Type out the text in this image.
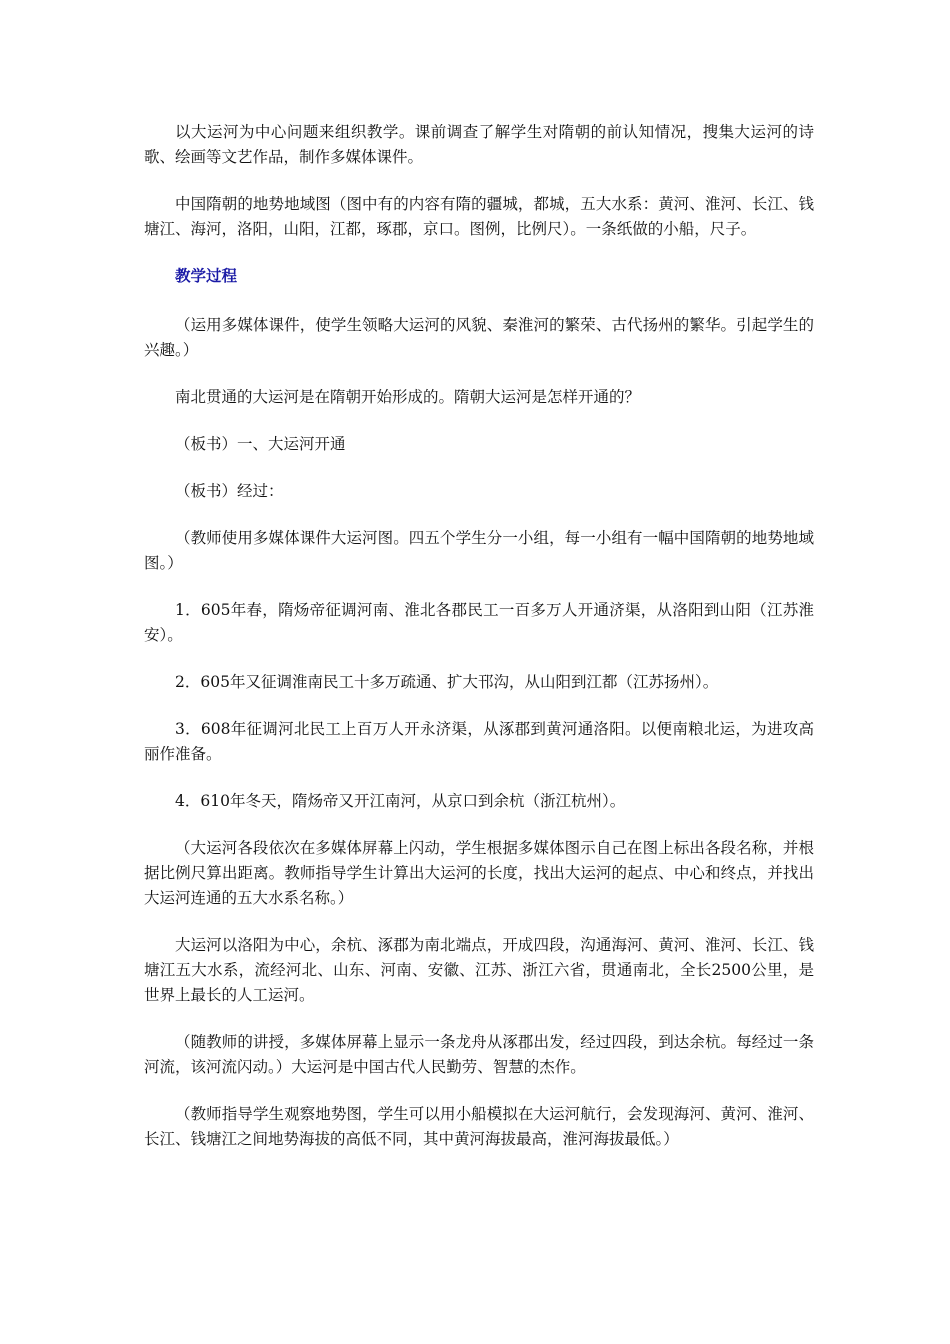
以大运河为中心问题来组织教学。课前调查了解学生对隋朝的前认知情况，搜集大运河的诗歌、绘画等文艺作品，制作多媒体课件。

中国隋朝的地势地域图（图中有的内容有隋的疆城，都城，五大水系：黄河、淮河、长江、钱塘江、海河，洛阳，山阳，江都，琢郡，京口。图例，比例尺）。一条纸做的小船，尺子。

教学过程

（运用多媒体课件，使学生领略大运河的风貌、秦淮河的繁荣、古代扬州的繁华。引起学生的兴趣。）

南北贯通的大运河是在隋朝开始形成的。隋朝大运河是怎样开通的？

（板书）一、大运河开通

（板书）经过：

（教师使用多媒体课件大运河图。四五个学生分一小组，每一小组有一幅中国隋朝的地势地域图。）

1．605年春，隋炀帝征调河南、淮北各郡民工一百多万人开通济渠，从洛阳到山阳（江苏淮安）。

2．605年又征调淮南民工十多万疏通、扩大邗沟，从山阳到江都（江苏扬州）。

3．608年征调河北民工上百万人开永济渠，从涿郡到黄河通洛阳。以便南粮北运，为进攻高丽作准备。

4．610年冬天，隋炀帝又开江南河，从京口到余杭（浙江杭州）。

（大运河各段依次在多媒体屏幕上闪动，学生根据多媒体图示自己在图上标出各段名称，并根据比例尺算出距离。教师指导学生计算出大运河的长度，找出大运河的起点、中心和终点，并找出大运河连通的五大水系名称。）

大运河以洛阳为中心，余杭、涿郡为南北端点，开成四段，沟通海河、黄河、淮河、长江、钱塘江五大水系，流经河北、山东、河南、安徽、江苏、浙江六省，贯通南北，全长2500公里，是世界上最长的人工运河。

（随教师的讲授，多媒体屏幕上显示一条龙舟从涿郡出发，经过四段，到达余杭。每经过一条河流，该河流闪动。）大运河是中国古代人民勤劳、智慧的杰作。

（教师指导学生观察地势图，学生可以用小船模拟在大运河航行，会发现海河、黄河、淮河、长江、钱塘江之间地势海拔的高低不同，其中黄河海拔最高，淮河海拔最低。）
